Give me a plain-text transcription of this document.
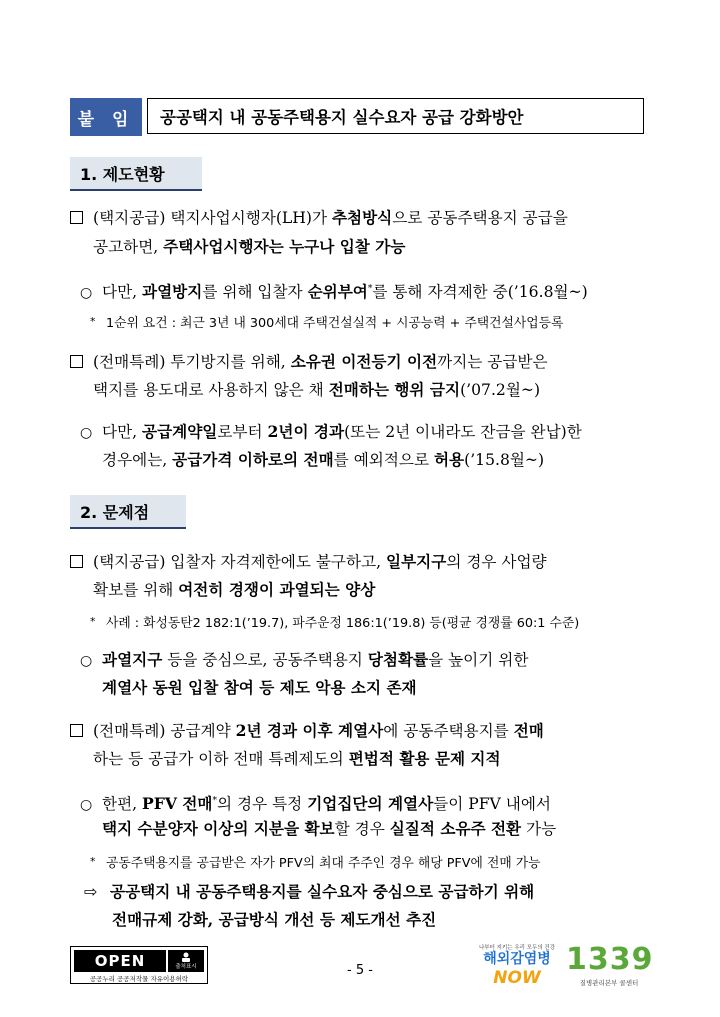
붙 임	공공택지 내 공동주택용지 실수요자 공급 강화방안
1. 제도현황
(택지공급) 택지사업시행자(LH)가 추첨방식으로 공동주택용지 공급을
공고하면, 주택사업시행자는 누구나 입찰 가능
○ 다만, 과열방지를 위해 입찰자 순위부여*를 통해 자격제한 중(’16.8월~)
* 1순위 요건 : 최근 3년 내 300세대 주택건설실적 + 시공능력 + 주택건설사업등록
(전매특례) 투기방지를 위해, 소유권 이전등기 이전까지는 공급받은
택지를 용도대로 사용하지 않은 채 전매하는 행위 금지(’07.2월~)
○ 다만, 공급계약일로부터 2년이 경과(또는 2년 이내라도 잔금을 완납)한
경우에는, 공급가격 이하로의 전매를 예외적으로 허용(’15.8월~)
2. 문제점
(택지공급) 입찰자 자격제한에도 불구하고, 일부지구의 경우 사업량
확보를 위해 여전히 경쟁이 과열되는 양상
* 사례 : 화성동탄2 182:1(’19.7), 파주운정 186:1(’19.8) 등(평균 경쟁률 60:1 수준)
○ 과열지구 등을 중심으로, 공동주택용지 당첨확률을 높이기 위한
계열사 동원 입찰 참여 등 제도 악용 소지 존재
(전매특례) 공급계약 2년 경과 이후 계열사에 공동주택용지를 전매
하는 등 공급가 이하 전매 특례제도의 편법적 활용 문제 지적
○ 한편, PFV 전매*의 경우 특정 기업집단의 계열사들이 PFV 내에서
택지 수분양자 이상의 지분을 확보할 경우 실질적 소유주 전환 가능
* 공동주택용지를 공급받은 자가 PFV의 최대 주주인 경우 해당 PFV에 전매 가능
⇨ 공공택지 내 공동주택용지를 실수요자 중심으로 공급하기 위해
전매규제 강화, 공급방식 개선 등 제도개선 추진
OPEN	출처표시
공공누리 공공저작물 자유이용허락
- 5 -
나부터 지키는 우리 모두의 건강
해외감염병
NOW
1339
질병관리본부 콜센터
